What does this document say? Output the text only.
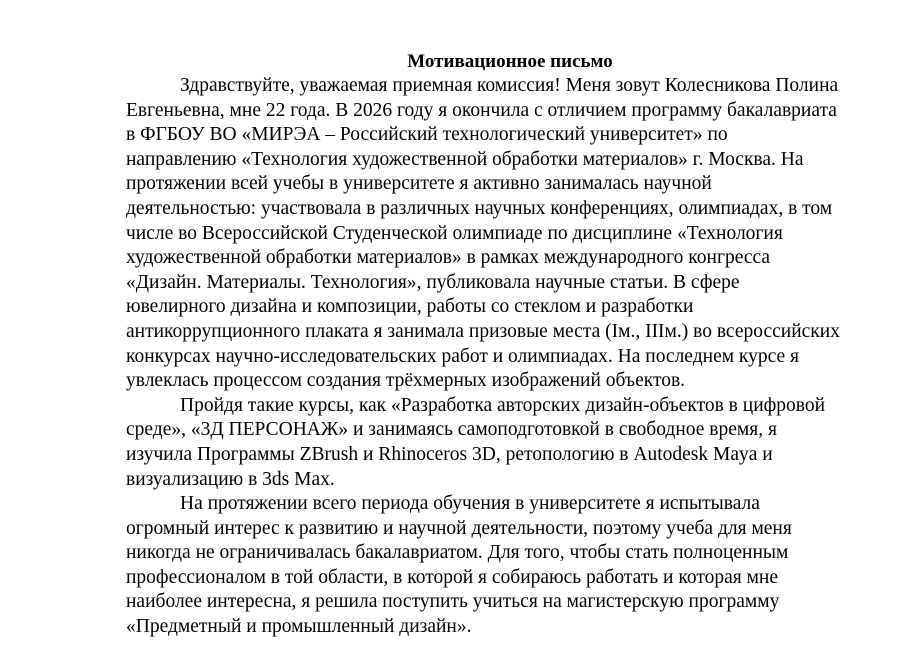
Мотивационное письмо

Здравствуйте, уважаемая приемная комиссия! Меня зовут Колесникова Полина Евгеньевна, мне 22 года. В 2026 году я окончила с отличием программу бакалавриата в ФГБОУ ВО «МИРЭА – Российский технологический университет» по направлению «Технология художественной обработки материалов» г. Москва. На протяжении всей учебы в университете я активно занималась научной деятельностью: участвовала в различных научных конференциях, олимпиадах, в том числе во Всероссийской Студенческой олимпиаде по дисциплине «Технология художественной обработки материалов» в рамках международного конгресса «Дизайн. Материалы. Технология», публиковала научные статьи. В сфере ювелирного дизайна и композиции, работы со стеклом и разработки антикоррупционного плаката я занимала призовые места (Iм., IIIм.) во всероссийских конкурсах научно-исследовательских работ и олимпиадах. На последнем курсе я увлеклась процессом создания трёхмерных изображений объектов.

Пройдя такие курсы, как «Разработка авторских дизайн-объектов в цифровой среде», «3Д ПЕРСОНАЖ» и занимаясь самоподготовкой в свободное время, я изучила Программы ZBrush и Rhinoceros 3D, ретопологию в Autodesk Maya и визуализацию в 3ds Max.

На протяжении всего периода обучения в университете я испытывала огромный интерес к развитию и научной деятельности, поэтому учеба для меня никогда не ограничивалась бакалавриатом. Для того, чтобы стать полноценным профессионалом в той области, в которой я собираюсь работать и которая мне наиболее интересна, я решила поступить учиться на магистерскую программу «Предметный и промышленный дизайн».
